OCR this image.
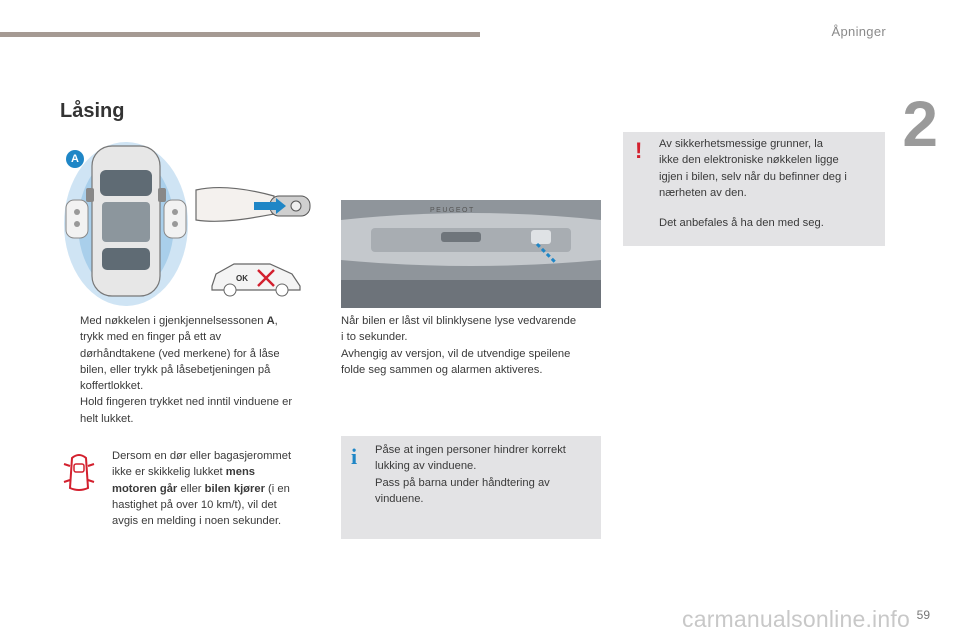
Åpninger
2
Låsing
A
OK
PEUGEOT
Med nøkkelen i gjenkjennelsessonen A,
trykk med en finger på ett av
dørhåndtakene (ved merkene) for å låse
bilen, eller trykk på låsebetjeningen på
koffertlokket.
Hold fingeren trykket ned inntil vinduene er
helt lukket.
Dersom en dør eller bagasjerommet
ikke er skikkelig lukket mens
motoren går eller bilen kjører (i en
hastighet på over 10 km/t), vil det
avgis en melding i noen sekunder.
Når bilen er låst vil blinklysene lyse vedvarende
i to sekunder.
Avhengig av versjon, vil de utvendige speilene
folde seg sammen og alarmen aktiveres.
i Påse at ingen personer hindrer korrekt
lukking av vinduene.
Pass på barna under håndtering av
vinduene.
! Av sikkerhetsmessige grunner, la
ikke den elektroniske nøkkelen ligge
igjen i bilen, selv når du befinner deg i
nærheten av den.
Det anbefales å ha den med seg.
carmanualsonline.info 59
